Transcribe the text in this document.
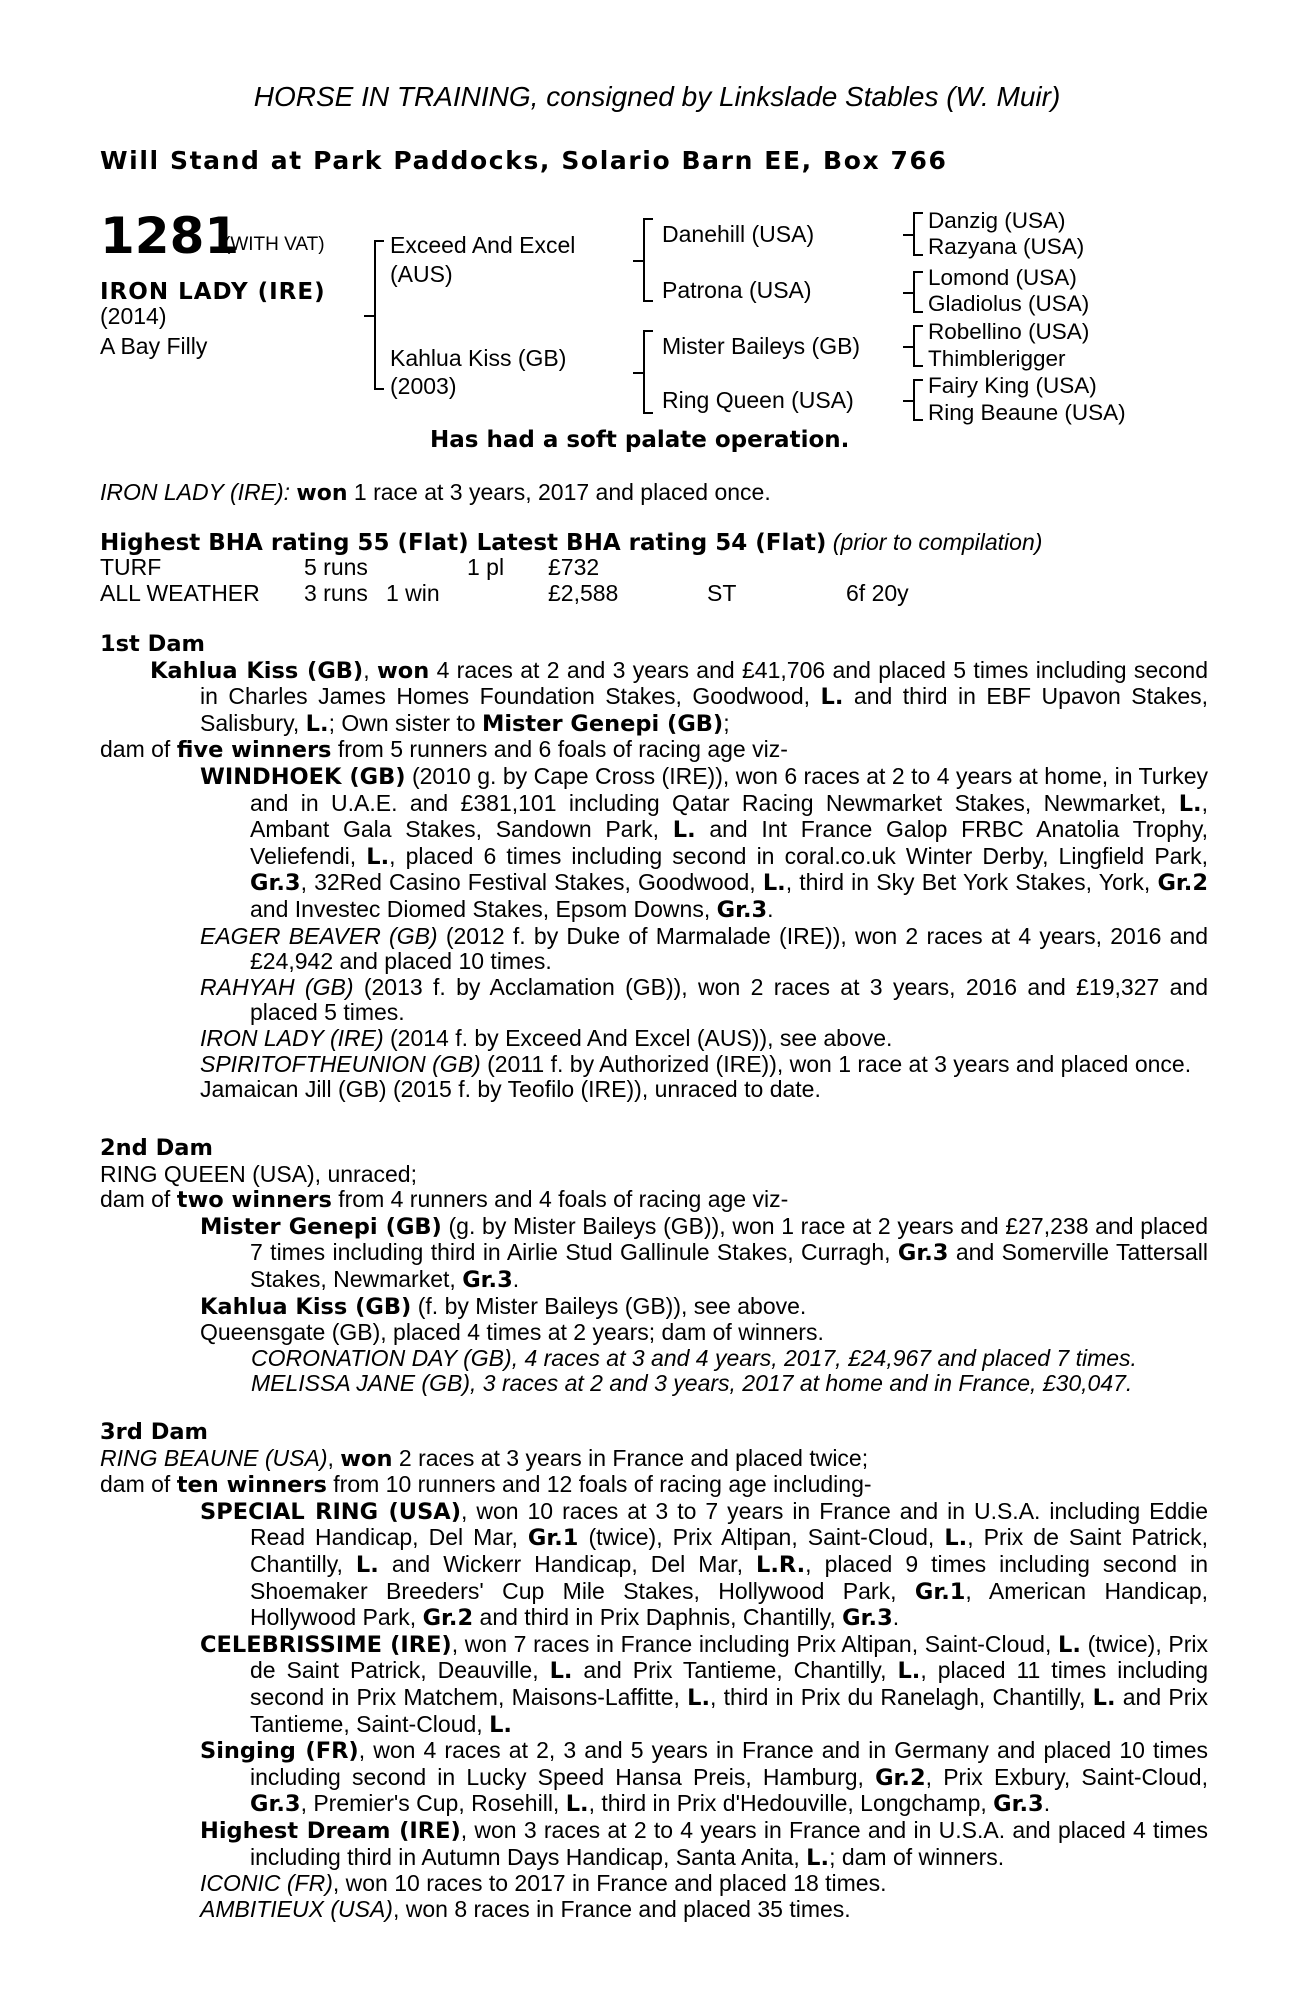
HORSE IN TRAINING, consigned by Linkslade Stables (W. Muir)
Will Stand at Park Paddocks, Solario Barn EE, Box 766
1281
(WITH VAT)
IRON LADY (IRE)
(2014)
A Bay Filly
Exceed And Excel
(AUS)
Kahlua Kiss (GB)
(2003)
Danehill (USA)
Patrona (USA)
Mister Baileys (GB)
Ring Queen (USA)
Danzig (USA)
Razyana (USA)
Lomond (USA)
Gladiolus (USA)
Robellino (USA)
Thimblerigger
Fairy King (USA)
Ring Beaune (USA)
Has had a soft palate operation.
IRON LADY (IRE): won 1 race at 3 years, 2017 and placed once.
Highest BHA rating 55 (Flat) Latest BHA rating 54 (Flat) (prior to compilation)
TURF	5 runs	1 pl £732
ALL WEATHER 3 runs 1 win	£2,588	ST	6f 20y
1st Dam

Kahlua Kiss (GB), won 4 races at 2 and 3 years and £41,706 and placed 5 times including second in Charles James Homes Foundation Stakes, Goodwood, L. and third in EBF Upavon Stakes, Salisbury, L.; Own sister to Mister Genepi (GB);

dam of five winners from 5 runners and 6 foals of racing age viz-

WINDHOEK (GB) (2010 g. by Cape Cross (IRE)), won 6 races at 2 to 4 years at home, in Turkey and in U.A.E. and £381,101 including Qatar Racing Newmarket Stakes, Newmarket, L., Ambant Gala Stakes, Sandown Park, L. and Int France Galop FRBC Anatolia Trophy, Veliefendi, L., placed 6 times including second in coral.co.uk Winter Derby, Lingfield Park, Gr.3, 32Red Casino Festival Stakes, Goodwood, L., third in Sky Bet York Stakes, York, Gr.2 and Investec Diomed Stakes, Epsom Downs, Gr.3.

EAGER BEAVER (GB) (2012 f. by Duke of Marmalade (IRE)), won 2 races at 4 years, 2016 and £24,942 and placed 10 times.

RAHYAH (GB) (2013 f. by Acclamation (GB)), won 2 races at 3 years, 2016 and £19,327 and placed 5 times.

IRON LADY (IRE) (2014 f. by Exceed And Excel (AUS)), see above.

SPIRITOFTHEUNION (GB) (2011 f. by Authorized (IRE)), won 1 race at 3 years and placed once.

Jamaican Jill (GB) (2015 f. by Teofilo (IRE)), unraced to date.

2nd Dam

RING QUEEN (USA), unraced;

dam of two winners from 4 runners and 4 foals of racing age viz-

Mister Genepi (GB) (g. by Mister Baileys (GB)), won 1 race at 2 years and £27,238 and placed 7 times including third in Airlie Stud Gallinule Stakes, Curragh, Gr.3 and Somerville Tattersall Stakes, Newmarket, Gr.3.

Kahlua Kiss (GB) (f. by Mister Baileys (GB)), see above.

Queensgate (GB), placed 4 times at 2 years; dam of winners.

CORONATION DAY (GB), 4 races at 3 and 4 years, 2017, £24,967 and placed 7 times.

MELISSA JANE (GB), 3 races at 2 and 3 years, 2017 at home and in France, £30,047.

3rd Dam

RING BEAUNE (USA), won 2 races at 3 years in France and placed twice;

dam of ten winners from 10 runners and 12 foals of racing age including-

SPECIAL RING (USA), won 10 races at 3 to 7 years in France and in U.S.A. including Eddie Read Handicap, Del Mar, Gr.1 (twice), Prix Altipan, Saint-Cloud, L., Prix de Saint Patrick, Chantilly, L. and Wickerr Handicap, Del Mar, L.R., placed 9 times including second in Shoemaker Breeders' Cup Mile Stakes, Hollywood Park, Gr.1, American Handicap, Hollywood Park, Gr.2 and third in Prix Daphnis, Chantilly, Gr.3.

CELEBRISSIME (IRE), won 7 races in France including Prix Altipan, Saint-Cloud, L. (twice), Prix de Saint Patrick, Deauville, L. and Prix Tantieme, Chantilly, L., placed 11 times including second in Prix Matchem, Maisons-Laffitte, L., third in Prix du Ranelagh, Chantilly, L. and Prix Tantieme, Saint-Cloud, L.

Singing (FR), won 4 races at 2, 3 and 5 years in France and in Germany and placed 10 times including second in Lucky Speed Hansa Preis, Hamburg, Gr.2, Prix Exbury, Saint-Cloud, Gr.3, Premier's Cup, Rosehill, L., third in Prix d'Hedouville, Longchamp, Gr.3.

Highest Dream (IRE), won 3 races at 2 to 4 years in France and in U.S.A. and placed 4 times including third in Autumn Days Handicap, Santa Anita, L.; dam of winners.

ICONIC (FR), won 10 races to 2017 in France and placed 18 times.

AMBITIEUX (USA), won 8 races in France and placed 35 times.
